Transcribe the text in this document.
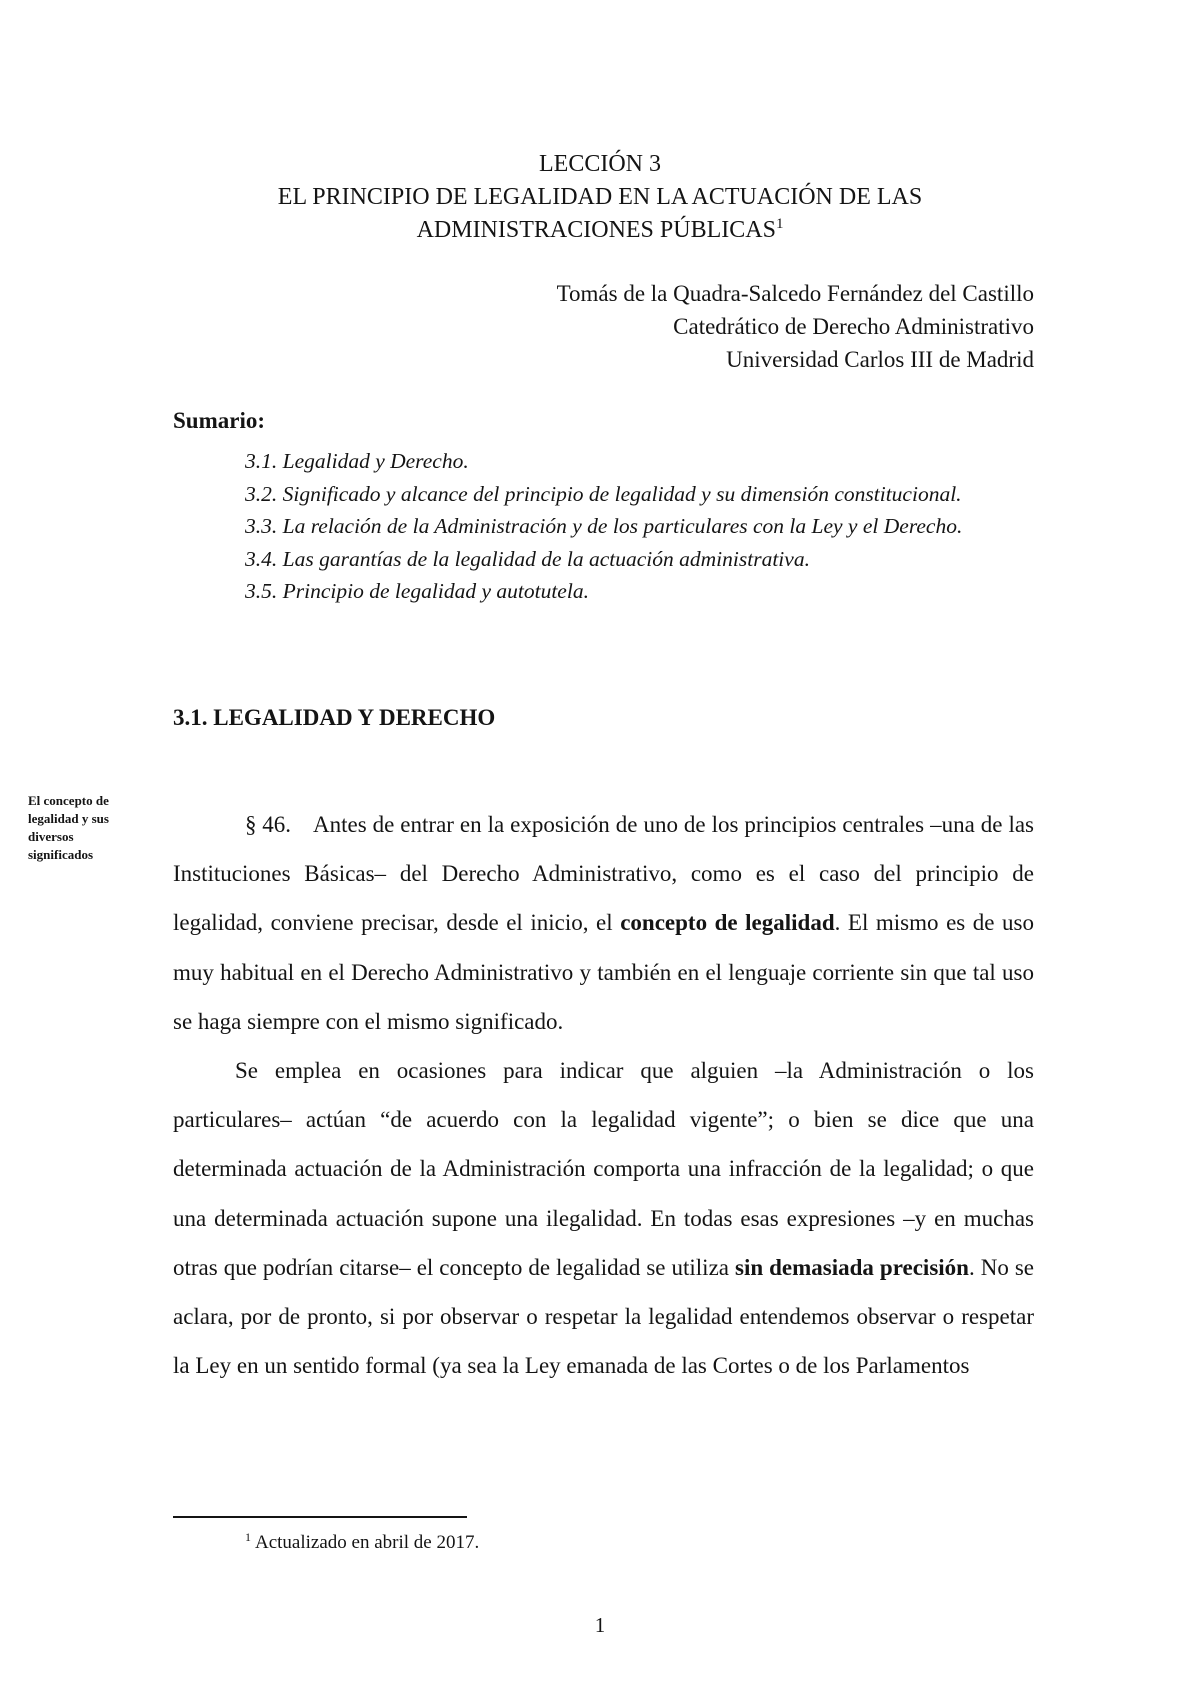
LECCIÓN 3
EL PRINCIPIO DE LEGALIDAD EN LA ACTUACIÓN DE LAS
ADMINISTRACIONES PÚBLICAS$^1$
Tomás de la Quadra-Salcedo Fernández del Castillo
Catedrático de Derecho Administrativo
Universidad Carlos III de Madrid
Sumario:
3.1. Legalidad y Derecho.
3.2. Significado y alcance del principio de legalidad y su dimensión constitucional.
3.3. La relación de la Administración y de los particulares con la Ley y el Derecho.
3.4. Las garantías de la legalidad de la actuación administrativa.
3.5. Principio de legalidad y autotutela.
3.1. LEGALIDAD Y DERECHO
El concepto de legalidad y sus diversos significados

§ 46. Antes de entrar en la exposición de uno de los principios centrales –una de las Instituciones Básicas– del Derecho Administrativo, como es el caso del principio de legalidad, conviene precisar, desde el inicio, el concepto de legalidad. El mismo es de uso muy habitual en el Derecho Administrativo y también en el lenguaje corriente sin que tal uso se haga siempre con el mismo significado.

Se emplea en ocasiones para indicar que alguien –la Administración o los particulares– actúan “de acuerdo con la legalidad vigente”; o bien se dice que una determinada actuación de la Administración comporta una infracción de la legalidad; o que una determinada actuación supone una ilegalidad. En todas esas expresiones –y en muchas otras que podrían citarse– el concepto de legalidad se utiliza sin demasiada precisión. No se aclara, por de pronto, si por observar o respetar la legalidad entendemos observar o respetar la Ley en un sentido formal (ya sea la Ley emanada de las Cortes o de los Parlamentos

$^1$ Actualizado en abril de 2017.
1
